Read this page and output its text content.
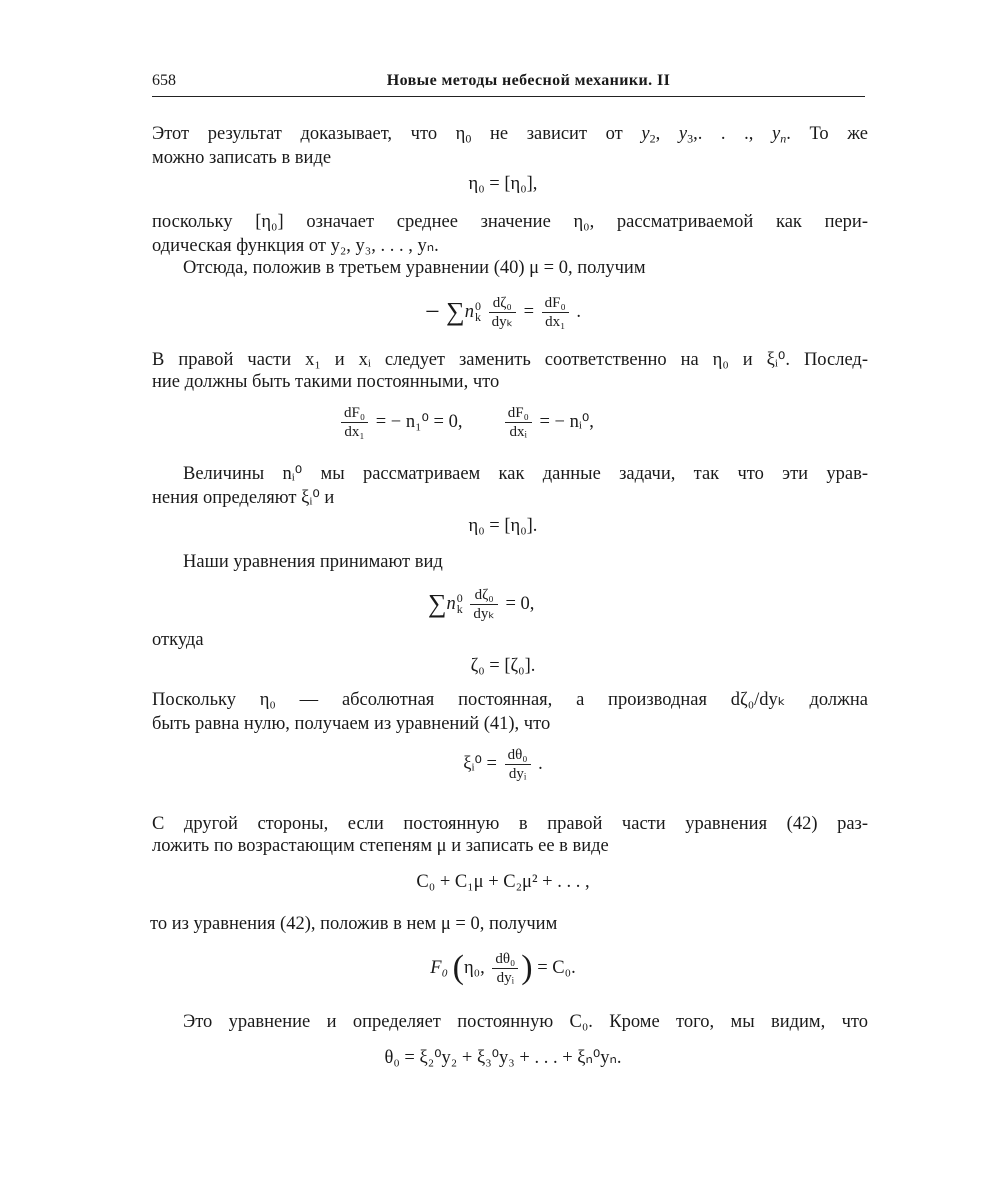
658	Новые методы небесной механики. II
Этот результат доказывает, что $\eta_0$ не зависит от $y_2$, $y_3$,. . ., $y_n$. То же
можно записать в виде
η₀ = [η₀],
поскольку [η₀] означает среднее значение η₀, рассматриваемой как пери-
одическая функция от y₂, y₃, . . . , yₙ.
Отсюда, положив в третьем уравнении (40) μ = 0, получим
− ∑n 0
k
$\frac{\text{dζ₀}}{\text{dyₖ}} = \frac{\text{dF₀}}{\text{dx₁}}$ .
В правой части x₁ и xᵢ следует заменить соответственно на η₀ и ξᵢ⁰. Послед-
ние должны быть такими постоянными, что
$\frac{\text{dF₀}}{\text{dx₁}}$ = − n₁⁰ = 0,	$\frac{\text{dF₀}}{\text{dxᵢ}}$ = − nᵢ⁰,
Величины nᵢ⁰ мы рассматриваем как данные задачи, так что эти урав-
нения определяют ξᵢ⁰ и
η₀ = [η₀].
Наши уравнения принимают вид
∑n 0
k
$\frac{\text{dζ₀}}{\text{dyₖ}} = 0$,
откуда
ζ₀ = [ζ₀].
Поскольку η₀ — абсолютная постоянная, а производная dζ₀/dyₖ должна
быть равна нулю, получаем из уравнений (41), что
ξᵢ⁰ = $\frac{\text{dθ₀}}{\text{dyᵢ}}$ .
С другой стороны, если постоянную в правой части уравнения (42) раз-
ложить по возрастающим степеням μ и записать ее в виде
C₀ + C₁μ + C₂μ² + . . . ,
то из уравнения (42), положив в нем μ = 0, получим
F₀ (η₀, $\frac{\text{dθ₀}}{\text{dyᵢ}}$ ) = C₀.
Это уравнение и определяет постоянную C₀. Кроме того, мы видим, что
θ₀ = ξ₂⁰y₂ + ξ₃⁰y₃ + . . . + ξₙ⁰yₙ.
